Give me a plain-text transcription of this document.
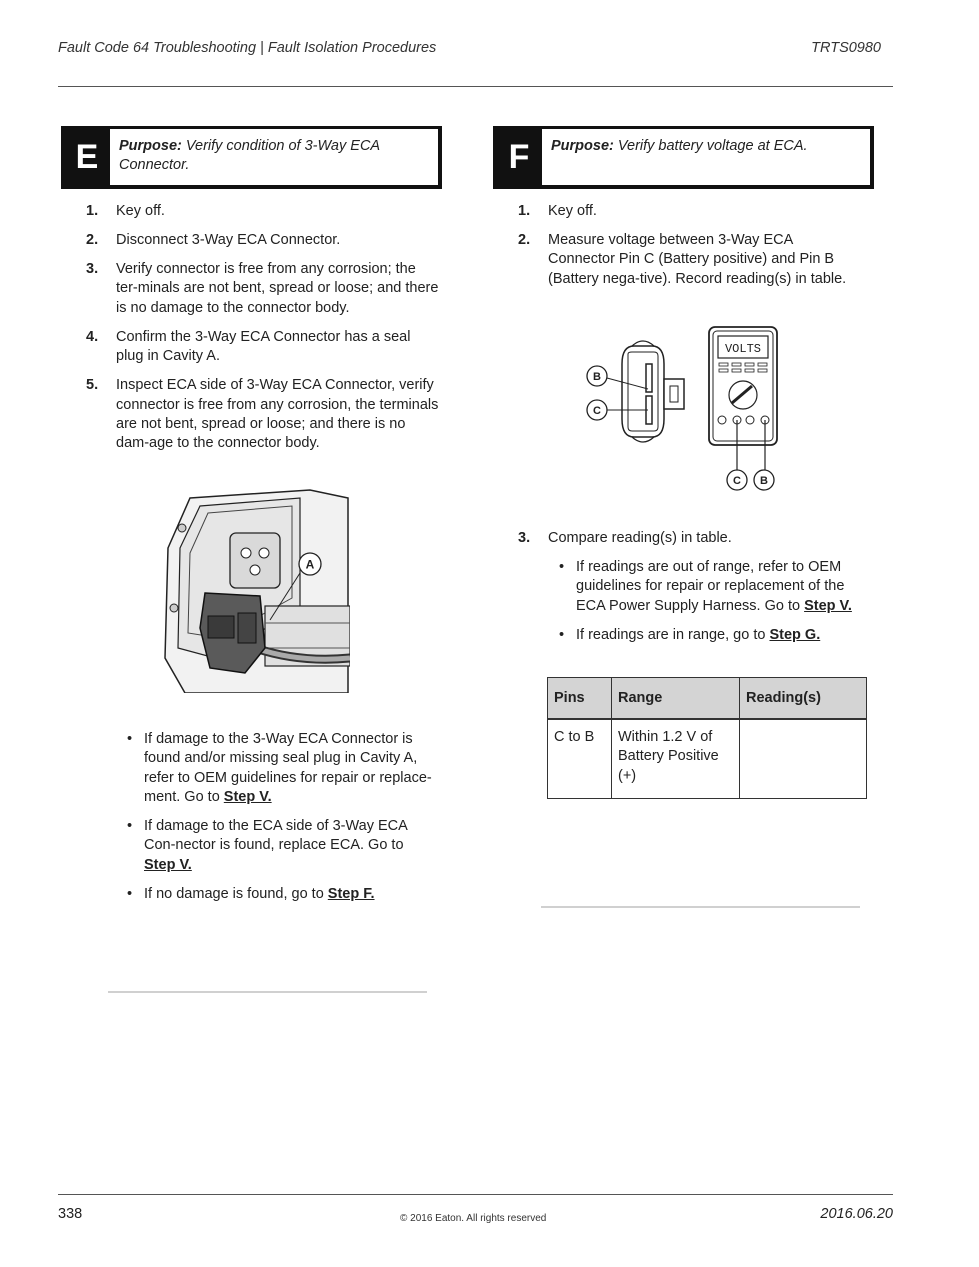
Fault Code 64 Troubleshooting | Fault Isolation Procedures	TRTS0980
E	Purpose: Verify condition of 3-Way ECA Connector.
1. Key off.
2. Disconnect 3-Way ECA Connector.
3. Verify connector is free from any corrosion; the ter-minals are not bent, spread or loose; and there is no damage to the connector body.
4. Confirm the 3-Way ECA Connector has a seal plug in Cavity A.
5. Inspect ECA side of 3-Way ECA Connector, verify connector is free from any corrosion, the terminals are not bent, spread or loose; and there is no dam-age to the connector body.
A
• If damage to the 3-Way ECA Connector is found and/or missing seal plug in Cavity A, refer to OEM guidelines for repair or replace-ment. Go to Step V.
• If damage to the ECA side of 3-Way ECA Con-nector is found, replace ECA. Go to Step V.
• If no damage is found, go to Step F.
F	Purpose: Verify battery voltage at ECA.
1. Key off.
2. Measure voltage between 3-Way ECA Connector Pin C (Battery positive) and Pin B (Battery nega-tive). Record reading(s) in table.
B
C
VOLTS
C B
3. Compare reading(s) in table.
• If readings are out of range, refer to OEM guidelines for repair or replacement of the ECA Power Supply Harness. Go to Step V.
• If readings are in range, go to Step G.
Pins	Range	Reading(s)
C to B	Within 1.2 V of Battery Positive (+)	
338	© 2016 Eaton. All rights reserved	2016.06.20
